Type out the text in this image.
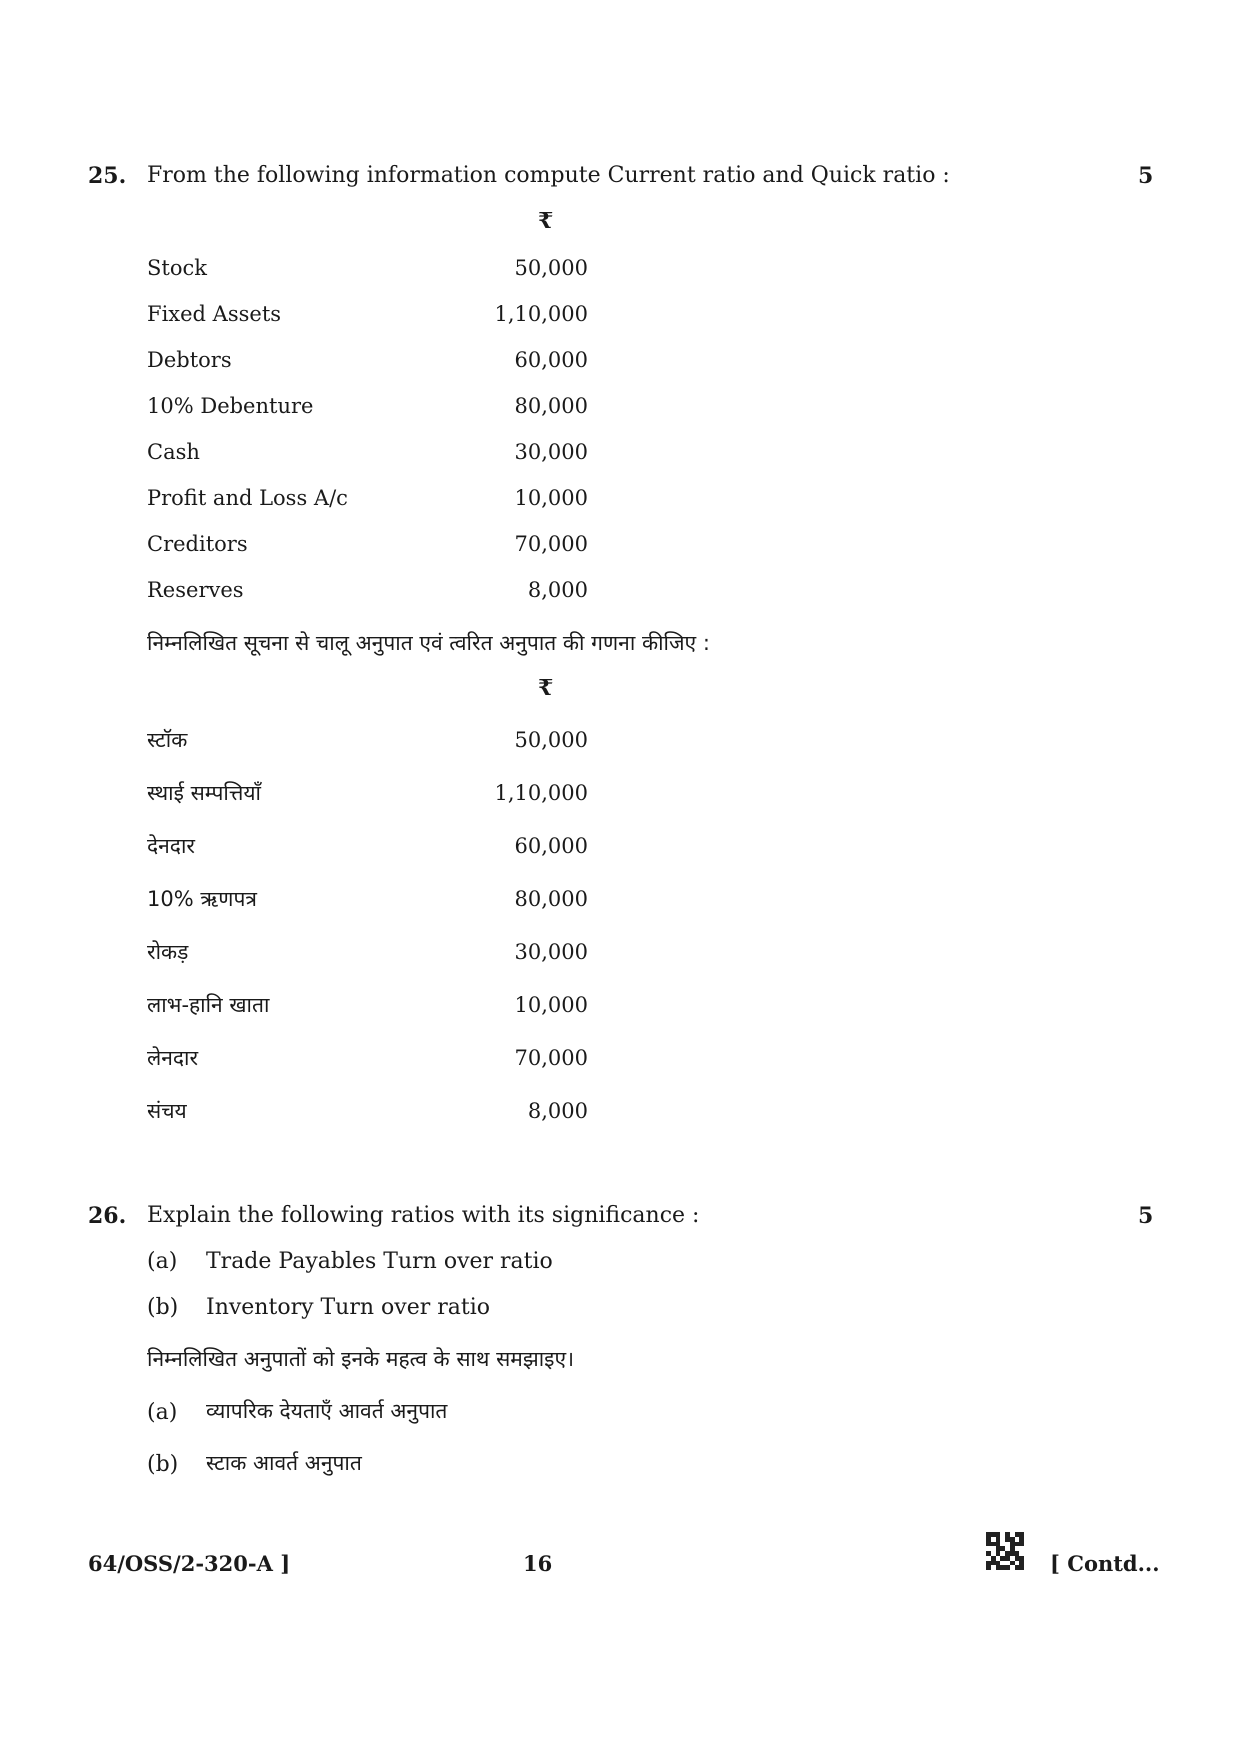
25. From the following information compute Current ratio and Quick ratio :	5
₹
Stock	50,000
Fixed Assets	1,10,000
Debtors	60,000
10% Debenture	80,000
Cash	30,000
Profit and Loss A/c	10,000
Creditors	70,000
Reserves	8,000
निम्नलिखित सूचना से चालू अनुपात एवं त्वरित अनुपात की गणना कीजिए :
₹
स्टॉक	50,000
स्थाई सम्पत्तियाँ	1,10,000
देनदार	60,000
10% ऋणपत्र	80,000
रोकड़	30,000
लाभ-हानि खाता	10,000
लेनदार	70,000
संचय	8,000
26. Explain the following ratios with its significance :	5
(a) Trade Payables Turn over ratio
(b) Inventory Turn over ratio
निम्नलिखित अनुपातों को इनके महत्व के साथ समझाइए।
(a) व्यापरिक देयताएँ आवर्त अनुपात
(b) स्टाक आवर्त अनुपात
64/OSS/2-320-A ]	16	[ Contd...
